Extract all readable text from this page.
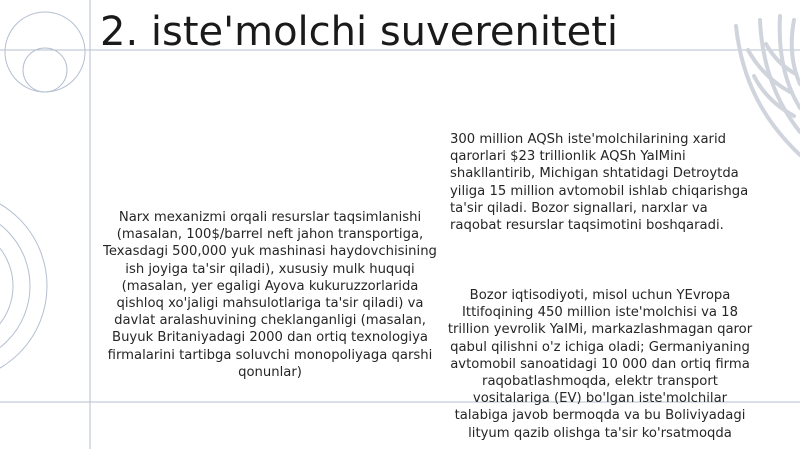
2. iste'molchi suvereniteti

Narx mexanizmi orqali resurslar taqsimlanishi (masalan, 100$/barrel neft jahon transportiga, Texasdagi 500,000 yuk mashinasi haydovchisining ish joyiga ta'sir qiladi), xususiy mulk huquqi (masalan, yer egaligi Ayova kukuruzzorlarida qishloq xo'jaligi mahsulotlariga ta'sir qiladi) va davlat aralashuvining cheklanganligi (masalan, Buyuk Britaniyadagi 2000 dan ortiq texnologiya firmalarini tartibga soluvchi monopoliyaga qarshi qonunlar)

300 million AQSh iste'molchilarining xarid qarorlari $23 trillionlik AQSh YaIMini shakllantirib, Michigan shtatidagi Detroytda yiliga 15 million avtomobil ishlab chiqarishga ta'sir qiladi. Bozor signallari, narxlar va raqobat resurslar taqsimotini boshqaradi.

Bozor iqtisodiyoti, misol uchun YEvropa Ittifoqining 450 million iste'molchisi va 18 trillion yevrolik YaIMi, markazlashmagan qaror qabul qilishni o'z ichiga oladi; Germaniyaning avtomobil sanoatidagi 10 000 dan ortiq firma raqobatlashmoqda, elektr transport vositalariga (EV) bo'lgan iste'molchilar talabiga javob bermoqda va bu Boliviyadagi lityum qazib olishga ta'sir ko'rsatmoqda
